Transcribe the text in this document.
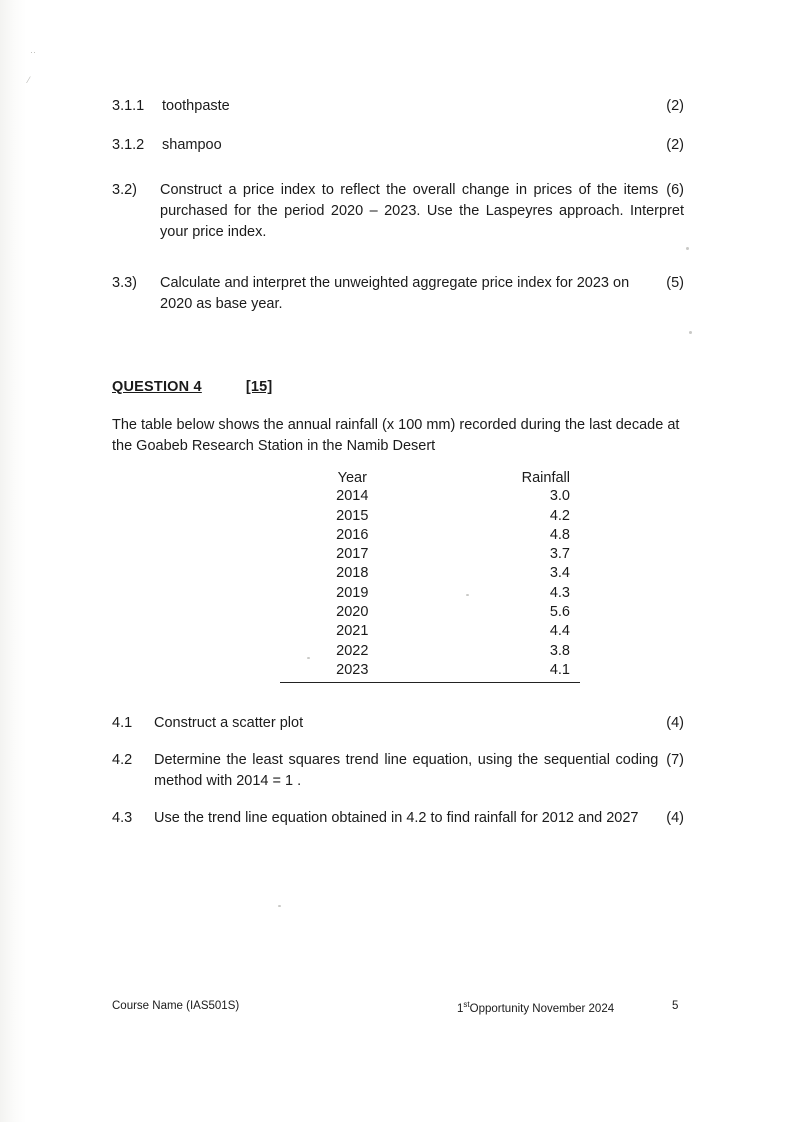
··
⁄
3.1.1	toothpaste	(2)
3.1.2	shampoo	(2)
3.2)	(6)
Construct a price index to reflect the overall change in prices of the items purchased for the period 2020 – 2023. Use the Laspeyres approach. Interpret your price index.
3.3)	(5)
Calculate and interpret the unweighted aggregate price index for 2023 on 2020 as base year.
QUESTION 4	[15]
The table below shows the annual rainfall (x 100 mm) recorded during the last decade at the Goabeb Research Station in the Namib Desert
Year	Rainfall
2014	3.0
2015	4.2
2016	4.8
2017	3.7
2018	3.4
2019	4.3
2020	5.6
2021	4.4
2022	3.8
2023	4.1
4.1	(4)
Construct a scatter plot
4.2	(7)
Determine the least squares trend line equation, using the sequential coding method with 2014 = 1 .
4.3	(4)
Use the trend line equation obtained in 4.2 to find rainfall for 2012 and 2027
Course Name (IAS501S)	1stOpportunity November 2024	5
